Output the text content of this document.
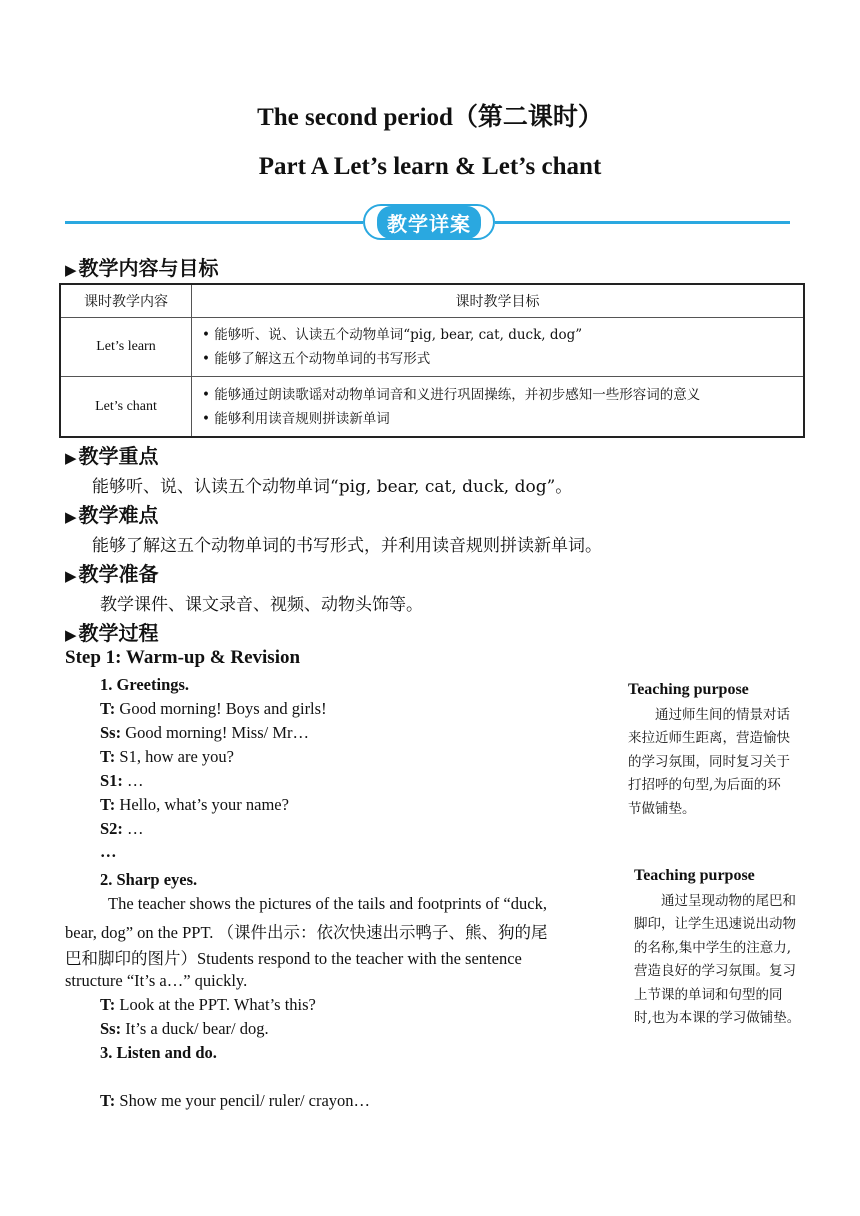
The second period（第二课时）
Part A Let’s learn & Let’s chant
教学详案
▶ 教学内容与目标
课时教学内容	课时教学目标
Let’s learn	• 能够听、说、认读五个动物单词“pig, bear, cat, duck, dog”
• 能够了解这五个动物单词的书写形式

Let’s chant	• 能够通过朗读歌谣对动物单词音和义进行巩固操练，并初步感知一些形容词的意义
• 能够利用读音规则拼读新单词
▶ 教学重点
能够听、说、认读五个动物单词“pig, bear, cat, duck, dog”。
▶ 教学难点
能够了解这五个动物单词的书写形式，并利用读音规则拼读新单词。
▶ 教学准备
教学课件、课文录音、视频、动物头饰等。
▶ 教学过程
Step 1: Warm-up & Revision
1. Greetings.
T: Good morning! Boys and girls!
Ss: Good morning! Miss/ Mr…
T: S1, how are you?
S1: …
T: Hello, what’s your name?
S2: …
…
2. Sharp eyes.
The teacher shows the pictures of the tails and footprints of “duck,
bear, dog” on the PPT. （课件出示：依次快速出示鸭子、熊、狗的尾
巴和脚印的图片）Students respond to the teacher with the sentence
structure “It’s a…” quickly.
T: Look at the PPT. What’s this?
Ss: It’s a duck/ bear/ dog.
3. Listen and do.
T: Show me your pencil/ ruler/ crayon…
Teaching purpose
通过师生间的情景对话
来拉近师生距离，营造愉快
的学习氛围，同时复习关于
打招呼的句型,为后面的环
节做铺垫。
Teaching purpose
通过呈现动物的尾巴和
脚印，让学生迅速说出动物
的名称,集中学生的注意力,
营造良好的学习氛围。复习
上节课的单词和句型的同
时,也为本课的学习做铺垫。
